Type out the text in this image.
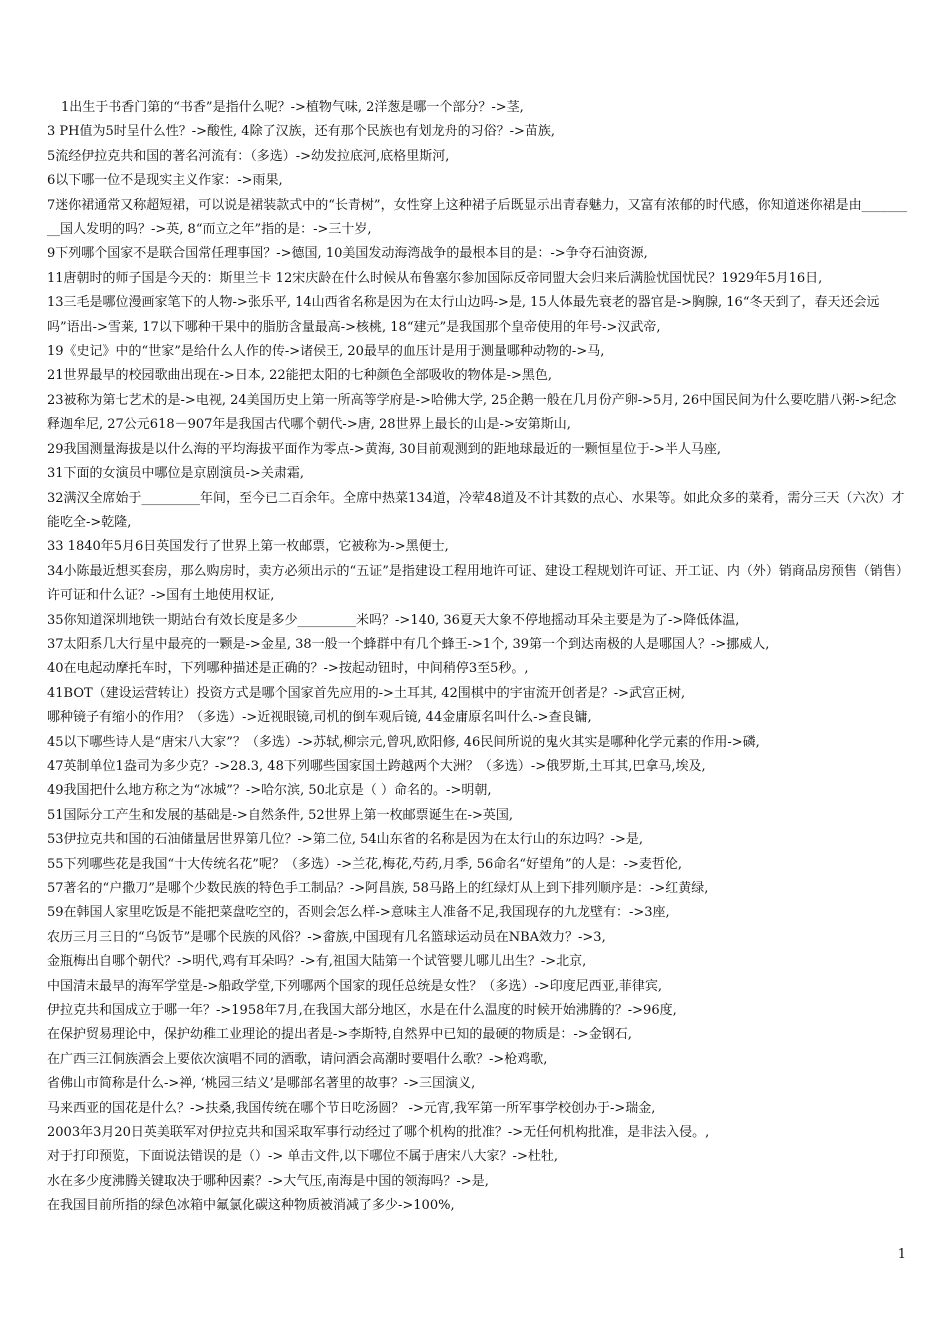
1出生于书香门第的“书香”是指什么呢？->植物气味, 2洋葱是哪一个部分？->茎,

3 PH值为5时呈什么性？->酸性, 4除了汉族，还有那个民族也有划龙舟的习俗？->苗族,

5流经伊拉克共和国的著名河流有：（多选）->幼发拉底河,底格里斯河,

6以下哪一位不是现实主义作家：->雨果,

7迷你裙通常又称超短裙，可以说是裙装款式中的“长青树”，女性穿上这种裙子后既显示出青春魅力，又富有浓郁的时代感，你知道迷你裙是由_________国人发明的吗？->英, 8“而立之年”指的是：->三十岁,

9下列哪个国家不是联合国常任理事国？->德国, 10美国发动海湾战争的最根本目的是：->争夺石油资源,

11唐朝时的师子国是今天的：斯里兰卡 12宋庆龄在什么时候从布鲁塞尔参加国际反帝同盟大会归来后满脸忧国忧民？1929年5月16日,

13三毛是哪位漫画家笔下的人物->张乐平, 14山西省名称是因为在太行山边吗->是, 15人体最先衰老的器官是->胸腺, 16“冬天到了，春天还会远吗”语出->雪莱, 17以下哪种干果中的脂肪含量最高->核桃, 18“建元”是我国那个皇帝使用的年号->汉武帝,

19《史记》中的“世家”是给什么人作的传->诸侯王, 20最早的血压计是用于测量哪种动物的->马,

21世界最早的校园歌曲出现在->日本, 22能把太阳的七种颜色全部吸收的物体是->黑色,

23被称为第七艺术的是->电视, 24美国历史上第一所高等学府是->哈佛大学, 25企鹅一般在几月份产卵->5月, 26中国民间为什么要吃腊八粥->纪念释迦牟尼, 27公元618－907年是我国古代哪个朝代->唐, 28世界上最长的山是->安第斯山,

29我国测量海拔是以什么海的平均海拔平面作为零点->黄海, 30目前观测到的距地球最近的一颗恒星位于->半人马座,

31下面的女演员中哪位是京剧演员->关肃霜,

32满汉全席始于_________年间，至今已二百余年。全席中热菜134道，冷荤48道及不计其数的点心、水果等。如此众多的菜肴，需分三天（六次）才能吃全->乾隆,

33 1840年5月6日英国发行了世界上第一枚邮票，它被称为->黑便士,

34小陈最近想买套房，那么购房时，卖方必须出示的“五证”是指建设工程用地许可证、建设工程规划许可证、开工证、内（外）销商品房预售（销售）许可证和什么证？->国有土地使用权证,

35你知道深圳地铁一期站台有效长度是多少_________米吗？->140, 36夏天大象不停地摇动耳朵主要是为了->降低体温,

37太阳系几大行星中最亮的一颗是->金星, 38一般一个蜂群中有几个蜂王->1个, 39第一个到达南极的人是哪国人？->挪威人,

40在电起动摩托车时，下列哪种描述是正确的？->按起动钮时，中间稍停3至5秒。,

41BOT（建设运营转让）投资方式是哪个国家首先应用的->土耳其, 42围棋中的宇宙流开创者是？->武宫正树,

哪种镜子有缩小的作用？（多选）->近视眼镜,司机的倒车观后镜, 44金庸原名叫什么->查良镛,

45以下哪些诗人是“唐宋八大家”？（多选）->苏轼,柳宗元,曾巩,欧阳修, 46民间所说的鬼火其实是哪种化学元素的作用->磷,

47英制单位1盎司为多少克？->28.3, 48下列哪些国家国土跨越两个大洲？（多选）->俄罗斯,土耳其,巴拿马,埃及,

49我国把什么地方称之为“冰城”？->哈尔滨, 50北京是（ ）命名的。->明朝,

51国际分工产生和发展的基础是->自然条件, 52世界上第一枚邮票诞生在->英国,

53伊拉克共和国的石油储量居世界第几位？->第二位, 54山东省的名称是因为在太行山的东边吗？->是,

55下列哪些花是我国“十大传统名花”呢？（多选）->兰花,梅花,芍药,月季, 56命名“好望角”的人是：->麦哲伦,

57著名的“户撒刀”是哪个少数民族的特色手工制品？->阿昌族, 58马路上的红绿灯从上到下排列顺序是：->红黄绿,

59在韩国人家里吃饭是不能把菜盘吃空的，否则会怎么样->意味主人准备不足,我国现存的九龙壁有：->3座,

农历三月三日的“乌饭节”是哪个民族的风俗？->畲族,中国现有几名篮球运动员在NBA效力？->3,

金瓶梅出自哪个朝代？->明代,鸡有耳朵吗？->有,祖国大陆第一个试管婴儿哪儿出生？->北京,

中国清末最早的海军学堂是->船政学堂,下列哪两个国家的现任总统是女性？（多选）->印度尼西亚,菲律宾,

伊拉克共和国成立于哪一年？->1958年7月,在我国大部分地区，水是在什么温度的时候开始沸腾的？->96度,

在保护贸易理论中，保护幼稚工业理论的提出者是->李斯特,自然界中已知的最硬的物质是：->金钢石,

在广西三江侗族酒会上要依次演唱不同的酒歌，请问酒会高潮时要唱什么歌？->枪鸡歌,

省佛山市简称是什么->禅, ‘桃园三结义’是哪部名著里的故事？->三国演义,

马来西亚的国花是什么？->扶桑,我国传统在哪个节日吃汤圆？ ->元宵,我军第一所军事学校创办于->瑞金,

2003年3月20日英美联军对伊拉克共和国采取军事行动经过了哪个机构的批准？->无任何机构批准，是非法入侵。,

对于打印预览，下面说法错误的是（）-> 单击文件,以下哪位不属于唐宋八大家？->杜牡,

水在多少度沸腾关键取决于哪种因素？->大气压,南海是中国的领海吗？->是,

在我国目前所指的绿色冰箱中氟氯化碳这种物质被消减了多少->100%,

1
